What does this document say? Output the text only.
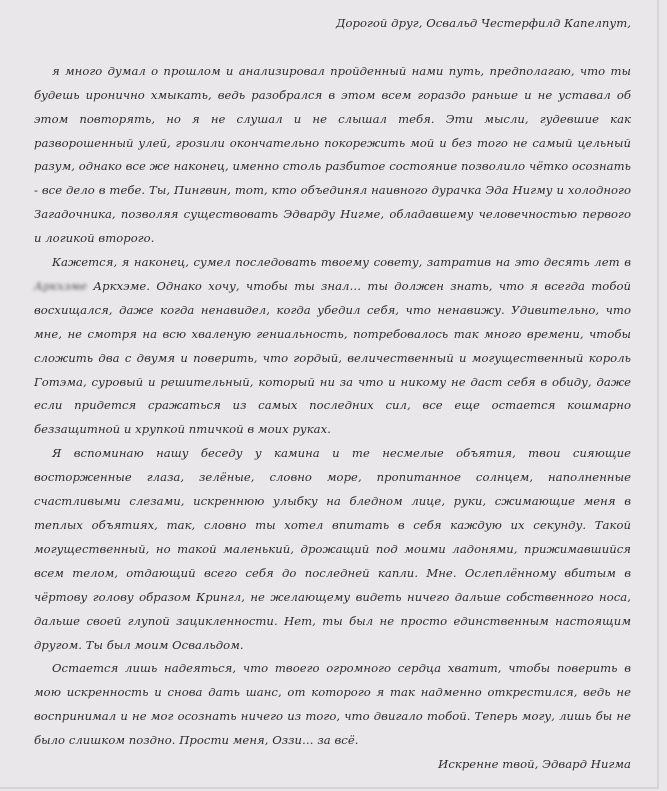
Дорогой друг, Освальд Честерфилд Капелпут,

я много думал о прошлом и анализировал пройденный нами путь, предполагаю, что ты будешь иронично хмыкать, ведь разобрался в этом всем гораздо раньше и не уставал об этом повторять, но я не слушал и не слышал тебя. Эти мысли, гудевшие как разворошенный улей, грозили окончательно покорежить мой и без того не самый цельный разум, однако все же наконец, именно столь разбитое состояние позволило чётко осознать - все дело в тебе. Ты, Пингвин, тот, кто объединял наивного дурачка Эда Нигму и холодного Загадочника, позволяя существовать Эдварду Нигме, обладавшему человечностью первого и логикой второго.

Кажется, я наконец, сумел последовать твоему совету, затратив на это десять лет в Аркхэме Аркхэме. Однако хочу, чтобы ты знал… ты должен знать, что я всегда тобой восхищался, даже когда ненавидел, когда убедил себя, что ненавижу. Удивительно, что мне, не смотря на всю хваленую гениальность, потребовалось так много времени, чтобы сложить два с двумя и поверить, что гордый, величественный и могущественный король Готэма, суровый и решительный, который ни за что и никому не даст себя в обиду, даже если придется сражаться из самых последних сил, все еще остается кошмарно беззащитной и хрупкой птичкой в моих руках.

Я вспоминаю нашу беседу у камина и те несмелые объятия, твои сияющие восторженные глаза, зелёные, словно море, пропитанное солнцем, наполненные счастливыми слезами, искреннюю улыбку на бледном лице, руки, сжимающие меня в теплых объятиях, так, словно ты хотел впитать в себя каждую их секунду. Такой могущественный, но такой маленький, дрожащий под моими ладонями, прижимавшийся всем телом, отдающий всего себя до последней капли. Мне. Ослеплённому вбитым в чёртову голову образом Крингл, не желающему видеть ничего дальше собственного носа, дальше своей глупой зацикленности. Нет, ты был не просто единственным настоящим другом. Ты был моим Освальдом.

Остается лишь надеяться, что твоего огромного сердца хватит, чтобы поверить в мою искренность и снова дать шанс, от которого я так надменно открестился, ведь не воспринимал и не мог осознать ничего из того, что двигало тобой. Теперь могу, лишь бы не было слишком поздно. Прости меня, Оззи… за всё.

Искренне твой, Эдвард Нигма
